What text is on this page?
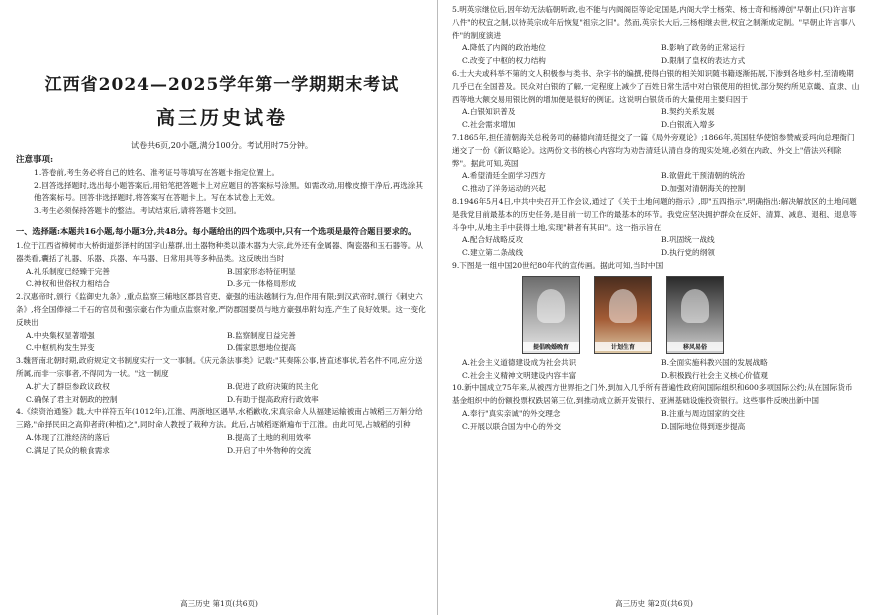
江西省2024—2025学年第一学期期末考试
高三历史试卷
试卷共6页,20小题,满分100分。考试用时75分钟。
注意事项:

1.答卷前,考生务必将自己的姓名、准考证号等填写在答题卡指定位置上。

2.回答选择题时,选出每小题答案后,用铅笔把答题卡上对应题目的答案标号涂黑。如需改动,用橡皮擦干净后,再选涂其他答案标号。回答非选择题时,将答案写在答题卡上。写在本试卷上无效。

3.考生必须保持答题卡的整洁。考试结束后,请将答题卡交回。

一、选择题:本题共16小题,每小题3分,共48分。每小题给出的四个选项中,只有一个选项是最符合题目要求的。

1.位于江西省樟树市大桥街道彭泽村的国字山墓群,出土器物种类以漆木器为大宗,此外还有金属器、陶瓷器和玉石器等。从器类看,囊括了礼器、乐器、兵器、车马器、日常用具等多种品类。这反映出当时

A.礼乐制度已经臻于完善	B.国家形态特征明显
C.神权和世俗权力相结合	D.多元一体格局形成

2.汉惠帝时,颁行《监御史九条》,重点监察三辅地区郡县官吏、豪强的违法越制行为,但作用有限;到汉武帝时,颁行《刺史六条》,将全国俸禄二千石的官员和强宗豪右作为重点监察对象,严防郡国要员与地方豪强串附勾连,产生了良好效果。这一变化反映出

A.中央集权显著增强	B.监察制度日益完善
C.中枢机构发生异变	D.儒家思想地位提高

3.魏晋南北朝时期,政府规定文书制度实行一文一事制。《庆元条法事类》记载:"其奏陈公事,皆直述事状,若名件不同,应分送所属,而非一宗事者,不得同为一状。"这一制度

A.扩大了群臣参政议政权	B.促进了政府决策的民主化
C.确保了君主对朝政的控制	D.有助于提高政府行政效率

4.《续资治通鉴》载,大中祥符五年(1012年),江淮、两浙地区遇旱,水稻歉收,宋真宗命人从福建运输被南占城稻三万斛分给三路,"命择民田之高仰者莳(种植)之",同时命人教授了栽种方法。此后,占城稻逐渐遍布于江淮。由此可见,占城稻的引种

A.体现了江淮经济的落后	B.提高了土地的利用效率
C.满足了民众的粮食需求	D.开启了中外物种的交流
高三历史 第1页(共6页)

5.明英宗继位后,因年幼无法临朝听政,也不能与内阁阁臣等论定国是,内阁大学士杨荣、杨士奇和杨溥创"早朝止(只)许言事八件"的权宜之制,以待英宗成年后恢复"祖宗之旧"。然而,英宗长大后,三杨相继去世,权宜之制渐成定制。"早朝止许言事八件"的制度演进

A.降低了内阁的政治地位	B.影响了政务的正常运行
C.改变了中枢的权力结构	D.限制了皇权的表达方式

6.士大夫或科举不第的文人积极参与类书、杂字书的编撰,使得白银的相关知识随书籍逐渐拓展,下渗到各地乡村,至清晚期几乎已在全国普及。民众对白银的了解,一定程度上减少了百姓日常生活中对白银使用的担忧,部分契约所见京畿、直隶、山西等地大额交易用银比例的增加便是很好的例证。这说明白银货币的大量使用主要归因于

A.白银知识普及	B.契约关系发展
C.社会需求增加	D.白银流入增多

7.1865年,担任清朝海关总税务司的赫德向清廷提交了一篇《局外旁观论》;1866年,英国驻华使馆参赞威妥玛向总理衙门递交了一份《新议略论》。这两份文书的核心内容均为劝告清廷认清自身的现实处境,必须在内政、外交上"借法兴利除弊"。据此可知,英国

A.希望清廷全面学习西方	B.欲借此干预清朝的统治
C.推动了洋务运动的兴起	D.加强对清朝海关的控制

8.1946年5月4日,中共中央召开工作会议,通过了《关于土地问题的指示》,即"五四指示",明确指出:解决解放区的土地问题是我党目前最基本的历史任务,是目前一切工作的最基本的环节。我党应坚决拥护群众在反奸、清算、减息、退租、退息等斗争中,从地主手中获得土地,实现"耕者有其田"。这一指示旨在

A.配合好战略反攻	B.巩固统一战线
C.建立第二条战线	D.执行党的纲领

9.下图是一组中国20世纪80年代的宣传画。据此可知,当时中国

提倡晚婚晚育	计划生育	移风易俗
A.社会主义道德建设成为社会共识	B.全面实施科教兴国的发展战略
C.社会主义精神文明建设内容丰富	D.积极践行社会主义核心价值观

10.新中国成立75年来,从被西方世界拒之门外,到加入几乎所有普遍性政府间国际组织和600多项国际公约;从在国际货币基金组织中的份额投票权跌居第三位,到推动成立新开发银行、亚洲基础设施投资银行。这些事件反映出新中国

A.奉行"真实亲诚"的外交理念	B.注重与周边国家的交往
C.开展以联合国为中心的外交	D.国际地位得到逐步提高
高三历史 第2页(共6页)
